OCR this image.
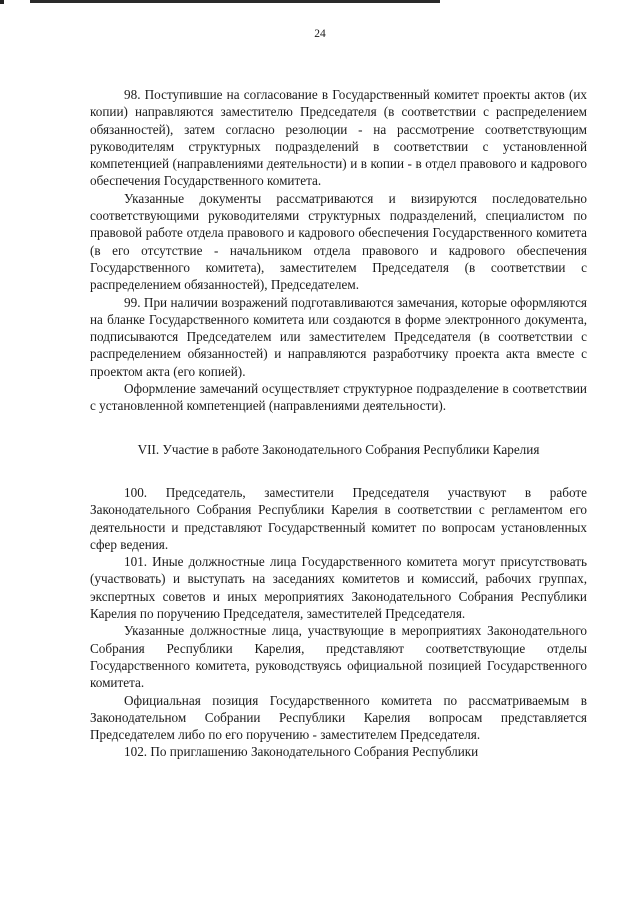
24

98. Поступившие на согласование в Государственный комитет проекты актов (их копии) направляются заместителю Председателя (в соответствии с распределением обязанностей), затем согласно резолюции - на рассмотрение соответствующим руководителям структурных подразделений в соответствии с установленной компетенцией (направлениями деятельности) и в копии - в отдел правового и кадрового обеспечения Государственного комитета.

Указанные документы рассматриваются и визируются последовательно соответствующими руководителями структурных подразделений, специалистом по правовой работе отдела правового и кадрового обеспечения Государственного комитета (в его отсутствие - начальником отдела правового и кадрового обеспечения Государственного комитета), заместителем Председателя (в соответствии с распределением обязанностей), Председателем.

99. При наличии возражений подготавливаются замечания, которые оформляются на бланке Государственного комитета или создаются в форме электронного документа, подписываются Председателем или заместителем Председателя (в соответствии с распределением обязанностей) и направляются разработчику проекта акта вместе с проектом акта (его копией).

Оформление замечаний осуществляет структурное подразделение в соответствии с установленной компетенцией (направлениями деятельности).

VII. Участие в работе Законодательного Собрания Республики Карелия

100. Председатель, заместители Председателя участвуют в работе Законодательного Собрания Республики Карелия в соответствии с регламентом его деятельности и представляют Государственный комитет по вопросам установленных сфер ведения.

101. Иные должностные лица Государственного комитета могут присутствовать (участвовать) и выступать на заседаниях комитетов и комиссий, рабочих группах, экспертных советов и иных мероприятиях Законодательного Собрания Республики Карелия по поручению Председателя, заместителей Председателя.

Указанные должностные лица, участвующие в мероприятиях Законодательного Собрания Республики Карелия, представляют соответствующие отделы Государственного комитета, руководствуясь официальной позицией Государственного комитета.

Официальная позиция Государственного комитета по рассматриваемым в Законодательном Собрании Республики Карелия вопросам представляется Председателем либо по его поручению - заместителем Председателя.

102. По приглашению Законодательного Собрания Республики
